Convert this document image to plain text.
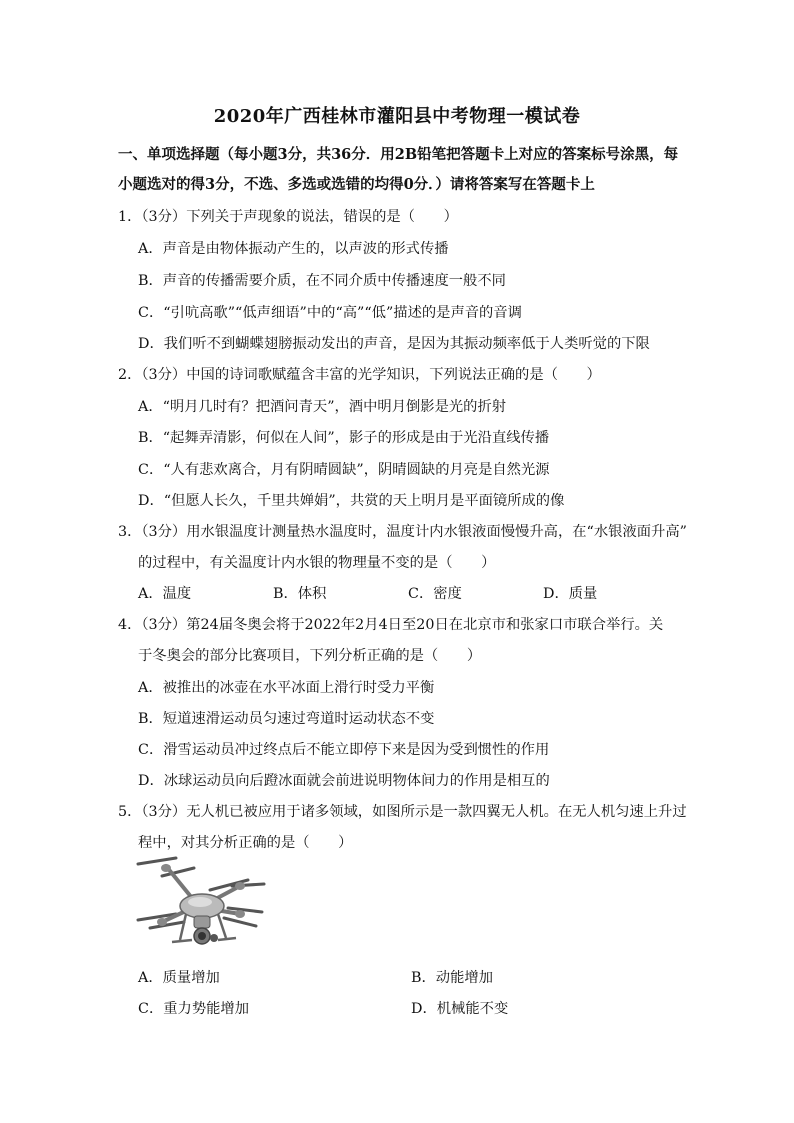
2020年广西桂林市灌阳县中考物理一模试卷
一、单项选择题（每小题3分，共36分．用2B铅笔把答题卡上对应的答案标号涂黑，每
小题选对的得3分，不选、多选或选错的均得0分．）请将答案写在答题卡上
1．（3分）下列关于声现象的说法，错误的是（　　）
A．声音是由物体振动产生的，以声波的形式传播
B．声音的传播需要介质，在不同介质中传播速度一般不同
C．“引吭高歌”“低声细语”中的“高”“低”描述的是声音的音调
D．我们听不到蝴蝶翅膀振动发出的声音，是因为其振动频率低于人类听觉的下限
2．（3分）中国的诗词歌赋蕴含丰富的光学知识，下列说法正确的是（　　）
A．“明月几时有？把酒问青天”，酒中明月倒影是光的折射
B．“起舞弄清影，何似在人间”，影子的形成是由于光沿直线传播
C．“人有悲欢离合，月有阴晴圆缺”，阴晴圆缺的月亮是自然光源
D．“但愿人长久，千里共婵娟”，共赏的天上明月是平面镜所成的像
3．（3分）用水银温度计测量热水温度时，温度计内水银液面慢慢升高，在“水银液面升高”
的过程中，有关温度计内水银的物理量不变的是（　　）
A．温度	B．体积	C．密度	D．质量
4．（3分）第24届冬奥会将于2022年2月4日至20日在北京市和张家口市联合举行。关
于冬奥会的部分比赛项目，下列分析正确的是（　　）
A．被推出的冰壶在水平冰面上滑行时受力平衡
B．短道速滑运动员匀速过弯道时运动状态不变
C．滑雪运动员冲过终点后不能立即停下来是因为受到惯性的作用
D．冰球运动员向后蹬冰面就会前进说明物体间力的作用是相互的
5．（3分）无人机已被应用于诸多领域，如图所示是一款四翼无人机。在无人机匀速上升过
程中，对其分析正确的是（　　）
A．质量增加	B．动能增加
C．重力势能增加	D．机械能不变
